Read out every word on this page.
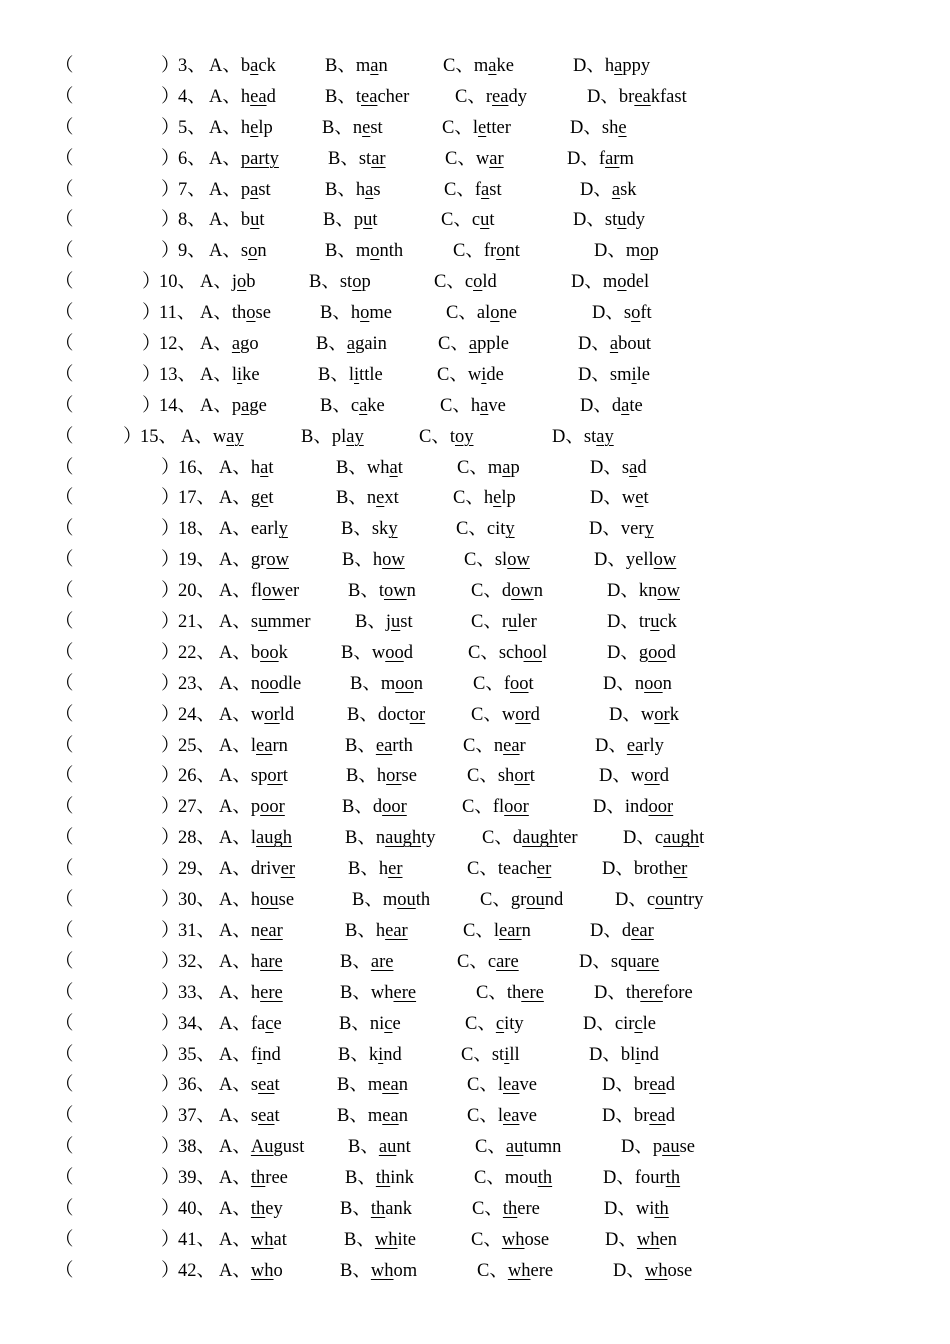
（	）
3、 A、back	B、man	C、make	D、happy
（	）
4、 A、head	B、teacher C、ready	D、breakfast
（	）
5、 A、help	B、nest	C、letter	D、she
（	）
6、 A、party	B、star	C、war	D、farm
（	）
7、 A、past	B、has	C、fast	D、ask
（	）
8、 A、but	B、put	C、cut	D、study
（	）
9、 A、son	B、month	C、front	D、mop
（	）
10、 A、job	B、stop	C、cold	D、model
（	）
11、 A、those	B、home	C、alone	D、soft
（	）
12、 A、ago	B、again	C、apple	D、about
（	）
13、 A、like	B、little	C、wide	D、smile
（	）
14、 A、page	B、cake	C、have	D、date
（	）
15、 A、way	B、play	C、toy	D、stay
（	）
16、 A、hat	B、what	C、map	D、sad
（	）
17、 A、get	B、next	C、help	D、wet
（	）
18、 A、early	B、sky	C、city	D、very
（	）
19、 A、grow	B、how	C、slow	D、yellow
（	）
20、 A、flower	B、town	C、down	D、know
（	）
21、 A、summer B、just	C、ruler	D、truck
（	）
22、 A、book	B、wood	C、school	D、good
（	）
23、 A、noodle	B、moon	C、foot	D、noon
（	）
24、 A、world	B、doctor C、word	D、work
（	）
25、 A、learn	B、earth	C、near	D、early
（	）
26、 A、sport	B、horse	C、short	D、word
（	）
27、 A、poor	B、door	C、floor	D、indoor
（	）
28、 A、laugh	B、naughty	C、daughter D、caught
（	）
29、 A、driver	B、her	C、teacher	D、brother
（	）
30、 A、house	B、mouth	C、ground	D、country
（	）
31、 A、near	B、hear	C、learn	D、dear
（	）
32、 A、hare	B、are	C、care	D、square
（	）
33、 A、here	B、where	C、there	D、therefore
（	）
34、 A、face	B、nice	C、city	D、circle
（	）
35、 A、find	B、kind	C、still	D、blind
（	）
36、 A、seat	B、mean	C、leave	D、bread
（	）
37、 A、seat	B、mean	C、leave	D、bread
（	）
38、 A、August B、aunt	C、autumn	D、pause
（	）
39、 A、three	B、think	C、mouth	D、fourth
（	）
40、 A、they	B、thank	C、there	D、with
（	）
41、 A、what	B、white	C、whose	D、when
（	）
42、 A、who	B、whom	C、where	D、whose
